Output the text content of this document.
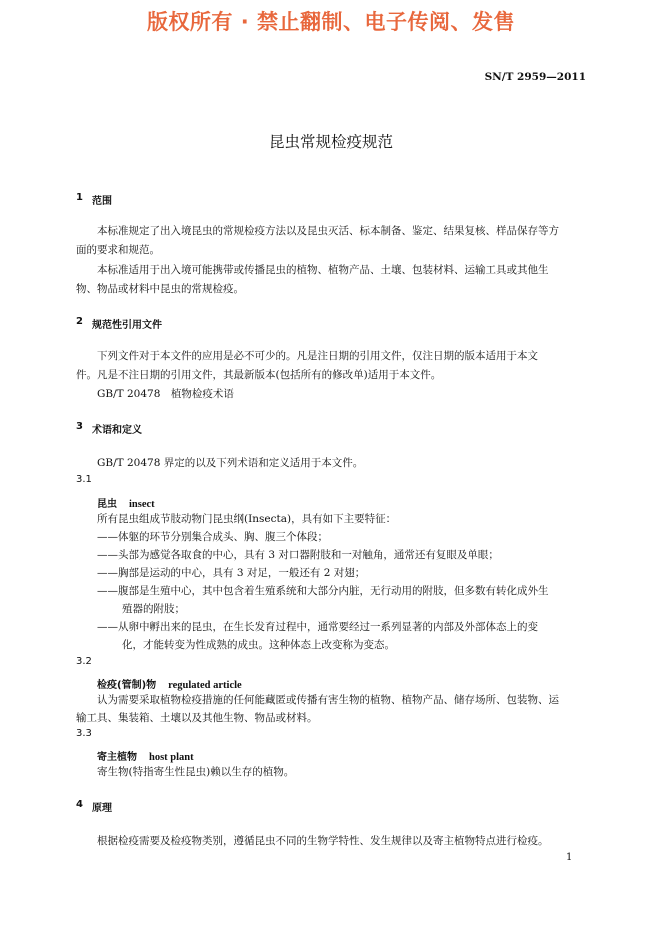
版权所有 · 禁止翻制、电子传阅、发售
SN/T 2959—2011
昆虫常规检疫规范
1 范围
本标准规定了出入境昆虫的常规检疫方法以及昆虫灭活、标本制备、鉴定、结果复核、样品保存等方
面的要求和规范。
本标准适用于出入境可能携带或传播昆虫的植物、植物产品、土壤、包装材料、运输工具或其他生
物、物品或材料中昆虫的常规检疫。
2 规范性引用文件
下列文件对于本文件的应用是必不可少的。凡是注日期的引用文件，仅注日期的版本适用于本文
件。凡是不注日期的引用文件，其最新版本(包括所有的修改单)适用于本文件。
GB/T 20478　植物检疫术语
3 术语和定义
GB/T 20478 界定的以及下列术语和定义适用于本文件。
3.1
昆虫 insect
所有昆虫组成节肢动物门昆虫纲(Insecta)，具有如下主要特征：
——体躯的环节分别集合成头、胸、腹三个体段；
——头部为感觉各取食的中心，具有 3 对口器附肢和一对触角，通常还有复眼及单眼；
——胸部是运动的中心，具有 3 对足，一般还有 2 对翅；
——腹部是生殖中心，其中包含着生殖系统和大部分内脏，无行动用的附肢，但多数有转化成外生
殖器的附肢；
——从卵中孵出来的昆虫，在生长发育过程中，通常要经过一系列显著的内部及外部体态上的变
化，才能转变为性成熟的成虫。这种体态上改变称为变态。
3.2
检疫(管制)物 regulated article
认为需要采取植物检疫措施的任何能藏匿或传播有害生物的植物、植物产品、储存场所、包装物、运
输工具、集装箱、土壤以及其他生物、物品或材料。
3.3
寄主植物 host plant
寄生物(特指寄生性昆虫)赖以生存的植物。
4 原理
根据检疫需要及检疫物类别，遵循昆虫不同的生物学特性、发生规律以及寄主植物特点进行检疫。
1
